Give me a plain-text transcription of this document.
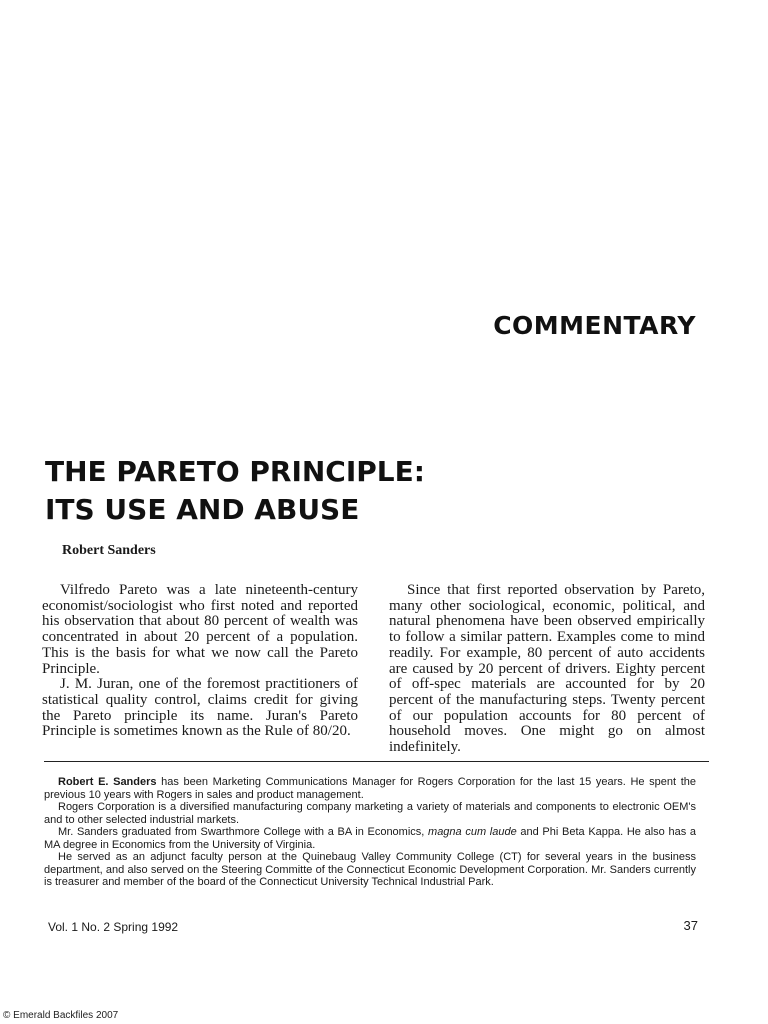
COMMENTARY
THE PARETO PRINCIPLE:
ITS USE AND ABUSE

Robert Sanders

Vilfredo Pareto was a late nineteenth-century economist/sociologist who first noted and reported his observation that about 80 percent of wealth was concentrated in about 20 percent of a population. This is the basis for what we now call the Pareto Principle.

J. M. Juran, one of the foremost practitioners of statistical quality control, claims credit for giving the Pareto principle its name. Juran's Pareto Principle is sometimes known as the Rule of 80/20.

Since that first reported observation by Pareto, many other sociological, economic, political, and natural phenomena have been observed empirically to follow a similar pattern. Examples come to mind readily. For example, 80 percent of auto accidents are caused by 20 percent of drivers. Eighty percent of off-spec materials are accounted for by 20 percent of the manufacturing steps. Twenty percent of our population accounts for 80 percent of household moves. One might go on almost indefinitely.

Robert E. Sanders has been Marketing Communications Manager for Rogers Corporation for the last 15 years. He spent the previous 10 years with Rogers in sales and product management.

Rogers Corporation is a diversified manufacturing company marketing a variety of materials and components to electronic OEM's and to other selected industrial markets.

Mr. Sanders graduated from Swarthmore College with a BA in Economics, magna cum laude and Phi Beta Kappa. He also has a MA degree in Economics from the University of Virginia.

He served as an adjunct faculty person at the Quinebaug Valley Community College (CT) for several years in the business department, and also served on the Steering Committe of the Connecticut Economic Development Corporation. Mr. Sanders currently is treasurer and member of the board of the Connecticut University Technical Industrial Park.

Vol. 1 No. 2 Spring 1992	37
© Emerald Backfiles 2007
